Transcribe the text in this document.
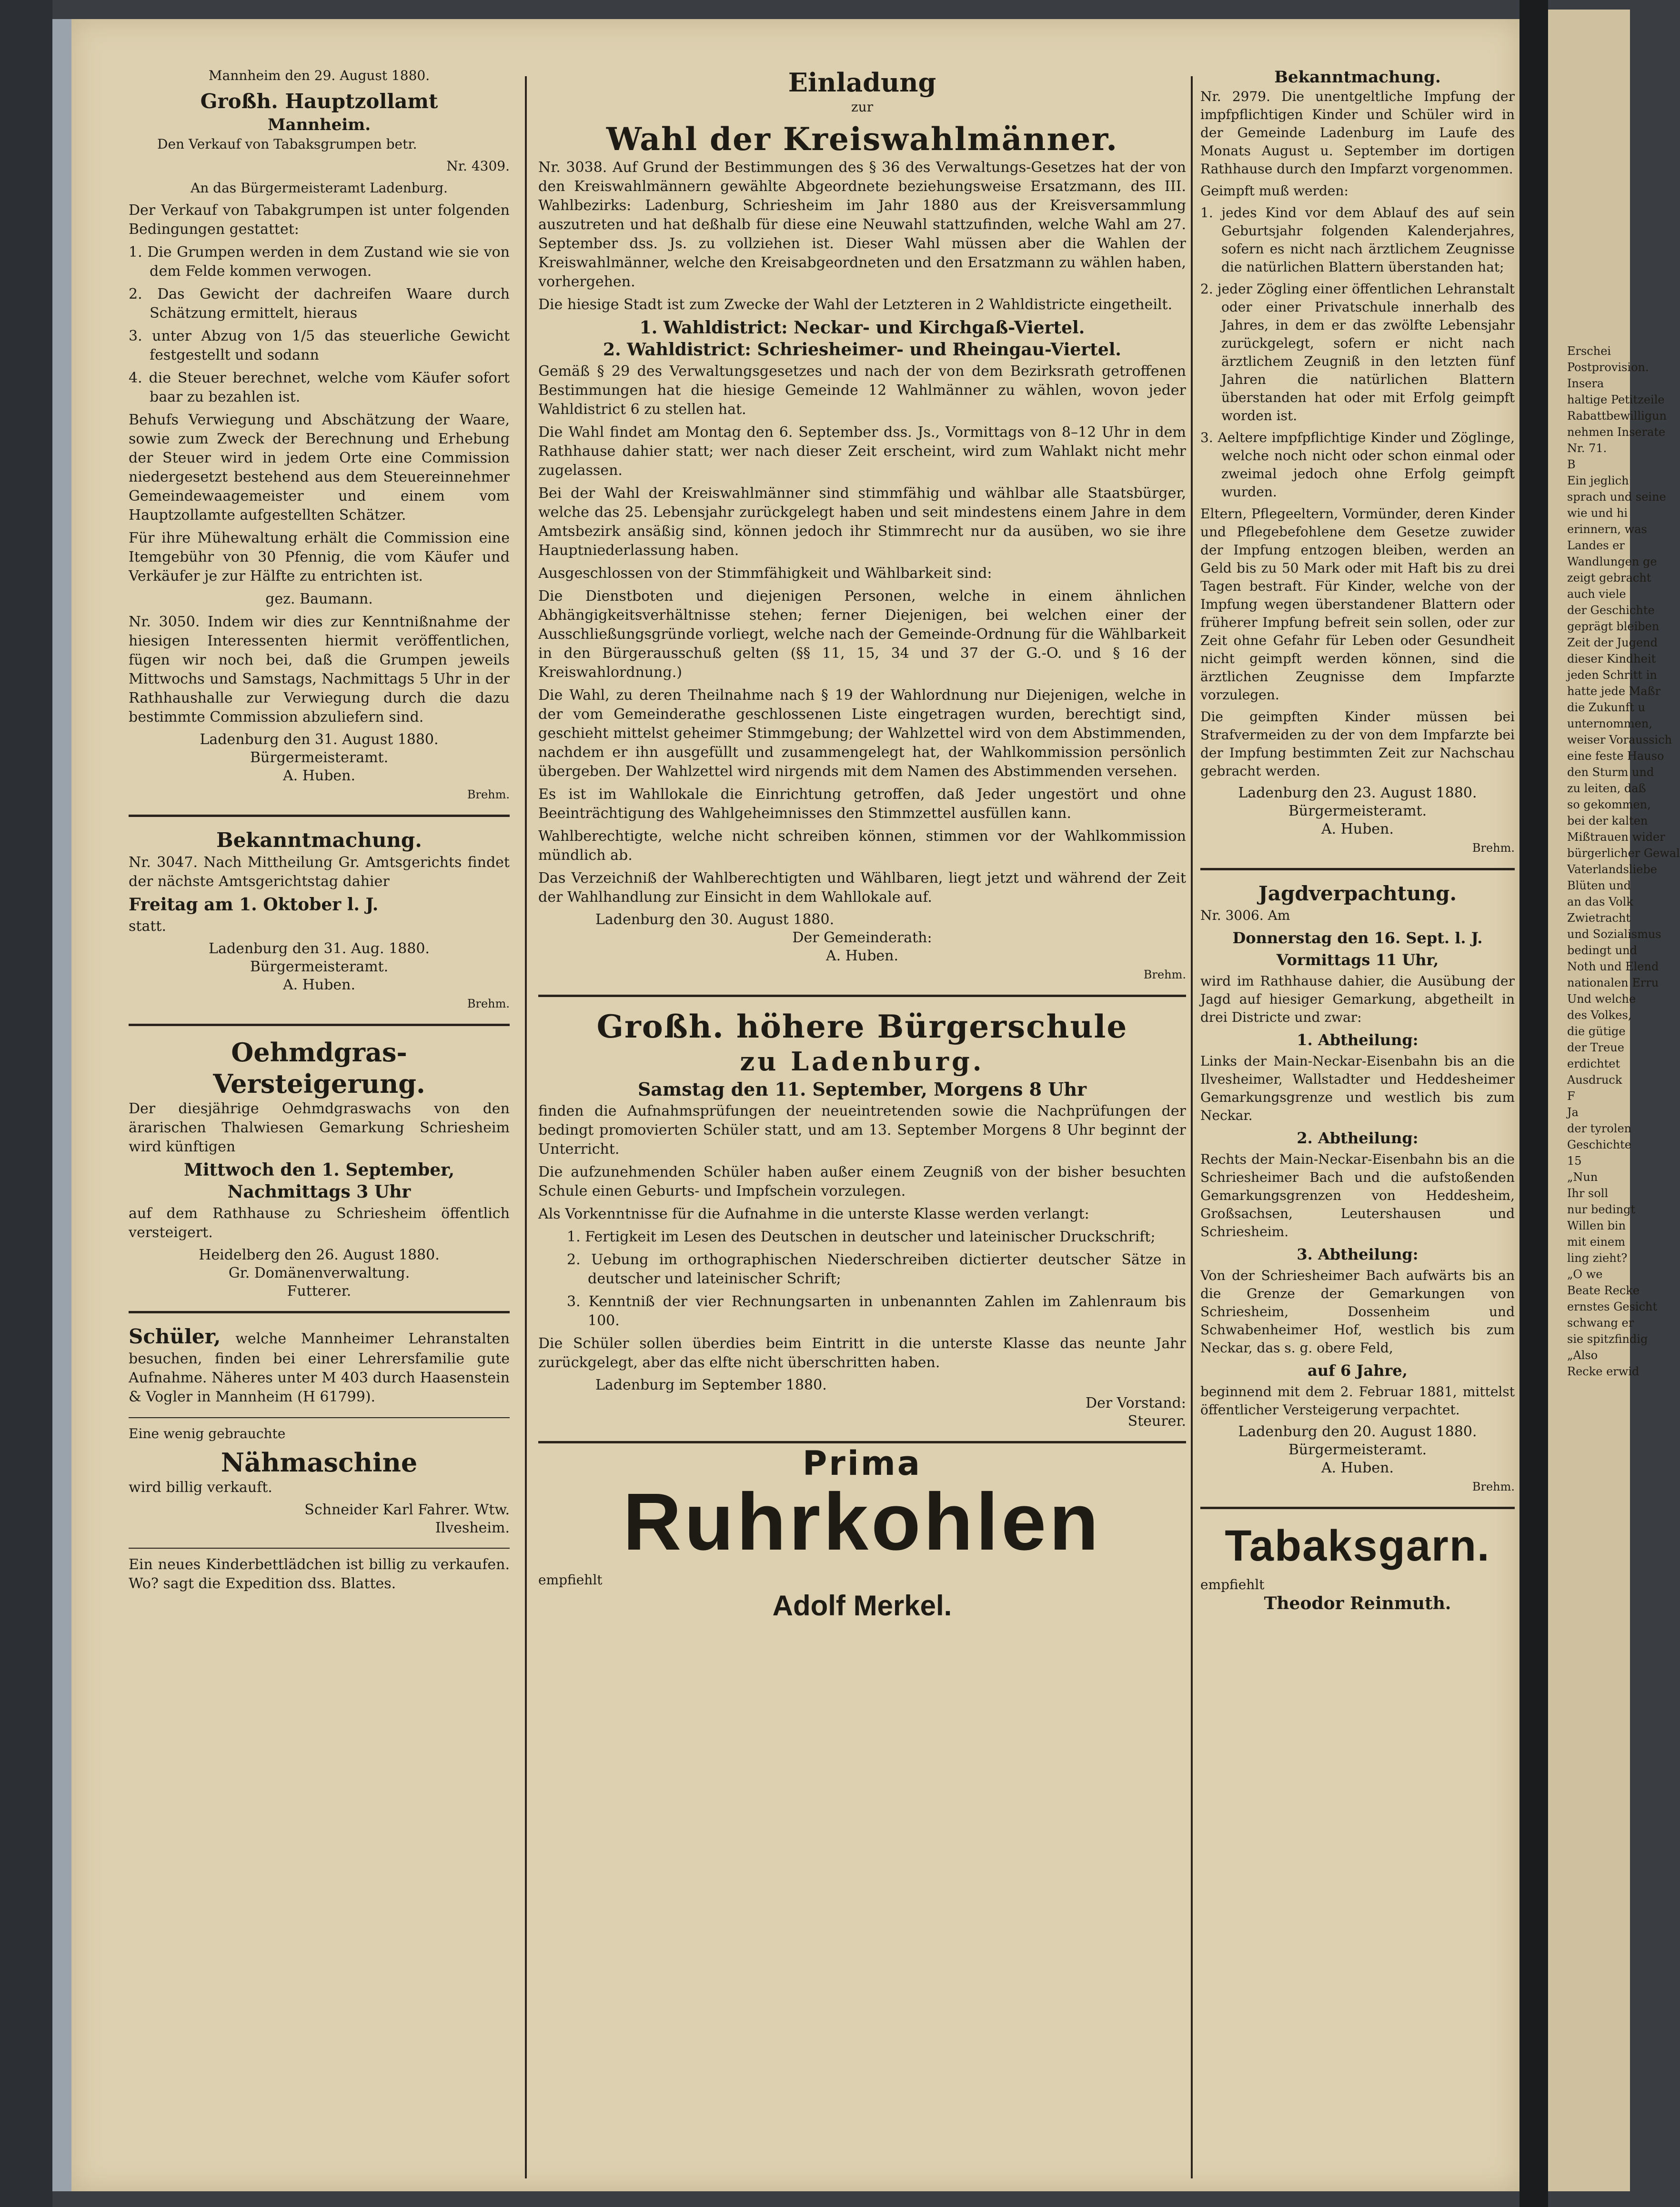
Erschei

Postprovision.

Insera

haltige Petitzeile

Rabattbewilligun

nehmen Inserate

Nr. 71.

B

Ein jeglich

sprach und seine

wie und hi

erinnern, was

Landes er

Wandlungen ge

zeigt gebracht

auch viele

der Geschichte

geprägt bleiben

Zeit der Jugend

dieser Kindheit

jeden Schritt in

hatte jede Maßr

die Zukunft u

unternommen,

weiser Voraussich

eine feste Hauso

den Sturm und

zu leiten, daß

so gekommen,

bei der kalten

Mißtrauen wider

bürgerlicher Gewal

Vaterlandsliebe

Blüten und

an das Volk

Zwietracht

und Sozialismus

bedingt und

Noth und Elend

nationalen Erru

Und welche

des Volkes,

die gütige

der Treue

erdichtet

Ausdruck

F

Ja

der tyrolen

Geschichte

15

„Nun

Ihr soll

nur bedingt

Willen bin

mit einem

ling zieht?

„O we

Beate Recke

ernstes Gesicht

schwang er

sie spitzfindig

„Also

Recke erwid

Mannheim den 29. August 1880.

Großh. Hauptzollamt
Mannheim.

Den Verkauf von Tabaksgrumpen betr.

Nr. 4309.

An das Bürgermeisteramt Ladenburg.

Der Verkauf von Tabakgrumpen ist unter folgenden Bedingungen gestattet:

1. Die Grumpen werden in dem Zustand wie sie von dem Felde kommen verwogen.

2. Das Gewicht der dachreifen Waare durch Schätzung ermittelt, hieraus

3. unter Abzug von 1/5 das steuerliche Gewicht festgestellt und sodann

4. die Steuer berechnet, welche vom Käufer sofort baar zu bezahlen ist.

Behufs Verwiegung und Abschätzung der Waare, sowie zum Zweck der Berechnung und Erhebung der Steuer wird in jedem Orte eine Commission niedergesetzt bestehend aus dem Steuereinnehmer Gemeindewaagemeister und einem vom Hauptzollamte aufgestellten Schätzer.

Für ihre Mühewaltung erhält die Commission eine Itemgebühr von 30 Pfennig, die vom Käufer und Verkäufer je zur Hälfte zu entrichten ist.

gez. Baumann.

Nr. 3050. Indem wir dies zur Kenntnißnahme der hiesigen Interessenten hiermit veröffentlichen, fügen wir noch bei, daß die Grumpen jeweils Mittwochs und Samstags, Nachmittags 5 Uhr in der Rathhaushalle zur Verwiegung durch die dazu bestimmte Commission abzuliefern sind.

Ladenburg den 31. August 1880.

Bürgermeisteramt.

A. Huben.

Brehm.

Bekanntmachung.

Nr. 3047. Nach Mittheilung Gr. Amtsgerichts findet der nächste Amtsgerichtstag dahier

Freitag am 1. Oktober l. J.

statt.

Ladenburg den 31. Aug. 1880.

Bürgermeisteramt.

A. Huben.

Brehm.

Oehmdgras-
Versteigerung.

Der diesjährige Oehmdgraswachs von den ärarischen Thalwiesen Gemarkung Schriesheim wird künftigen

Mittwoch den 1. September,

Nachmittags 3 Uhr

auf dem Rathhause zu Schriesheim öffentlich versteigert.

Heidelberg den 26. August 1880.

Gr. Domänenverwaltung.

Futterer.

Schüler, welche Mannheimer Lehranstalten besuchen, finden bei einer Lehrersfamilie gute Aufnahme. Näheres unter M 403 durch Haasenstein & Vogler in Mannheim (H 61799).

Eine wenig gebrauchte

Nähmaschine

wird billig verkauft.

Schneider Karl Fahrer. Wtw.

Ilvesheim.

Ein neues Kinderbettlädchen ist billig zu verkaufen. Wo? sagt die Expedition dss. Blattes.

Einladung

zur

Wahl der Kreiswahlmänner.

Nr. 3038. Auf Grund der Bestimmungen des § 36 des Verwaltungs-Gesetzes hat der von den Kreiswahlmännern gewählte Abgeordnete beziehungsweise Ersatzmann, des III. Wahlbezirks: Ladenburg, Schriesheim im Jahr 1880 aus der Kreisversammlung auszutreten und hat deßhalb für diese eine Neuwahl stattzufinden, welche Wahl am 27. September dss. Js. zu vollziehen ist. Dieser Wahl müssen aber die Wahlen der Kreiswahlmänner, welche den Kreisabgeordneten und den Ersatzmann zu wählen haben, vorhergehen.

Die hiesige Stadt ist zum Zwecke der Wahl der Letzteren in 2 Wahldistricte eingetheilt.

1. Wahldistrict: Neckar- und Kirchgaß-Viertel.

2. Wahldistrict: Schriesheimer- und Rheingau-Viertel.

Gemäß § 29 des Verwaltungsgesetzes und nach der von dem Bezirksrath getroffenen Bestimmungen hat die hiesige Gemeinde 12 Wahlmänner zu wählen, wovon jeder Wahldistrict 6 zu stellen hat.

Die Wahl findet am Montag den 6. September dss. Js., Vormittags von 8–12 Uhr in dem Rathhause dahier statt; wer nach dieser Zeit erscheint, wird zum Wahlakt nicht mehr zugelassen.

Bei der Wahl der Kreiswahlmänner sind stimmfähig und wählbar alle Staatsbürger, welche das 25. Lebensjahr zurückgelegt haben und seit mindestens einem Jahre in dem Amtsbezirk ansäßig sind, können jedoch ihr Stimmrecht nur da ausüben, wo sie ihre Hauptniederlassung haben.

Ausgeschlossen von der Stimmfähigkeit und Wählbarkeit sind:

Die Dienstboten und diejenigen Personen, welche in einem ähnlichen Abhängigkeitsverhältnisse stehen; ferner Diejenigen, bei welchen einer der Ausschließungsgründe vorliegt, welche nach der Gemeinde-Ordnung für die Wählbarkeit in den Bürgerausschuß gelten (§§ 11, 15, 34 und 37 der G.-O. und § 16 der Kreiswahlordnung.)

Die Wahl, zu deren Theilnahme nach § 19 der Wahlordnung nur Diejenigen, welche in der vom Gemeinderathe geschlossenen Liste eingetragen wurden, berechtigt sind, geschieht mittelst geheimer Stimmgebung; der Wahlzettel wird von dem Abstimmenden, nachdem er ihn ausgefüllt und zusammengelegt hat, der Wahlkommission persönlich übergeben. Der Wahlzettel wird nirgends mit dem Namen des Abstimmenden versehen.

Es ist im Wahllokale die Einrichtung getroffen, daß Jeder ungestört und ohne Beeinträchtigung des Wahlgeheimnisses den Stimmzettel ausfüllen kann.

Wahlberechtigte, welche nicht schreiben können, stimmen vor der Wahlkommission mündlich ab.

Das Verzeichniß der Wahlberechtigten und Wählbaren, liegt jetzt und während der Zeit der Wahlhandlung zur Einsicht in dem Wahllokale auf.

Ladenburg den 30. August 1880.

Der Gemeinderath:

A. Huben.

Brehm.

Großh. höhere Bürgerschule
zu Ladenburg.

Samstag den 11. September, Morgens 8 Uhr

finden die Aufnahmsprüfungen der neueintretenden sowie die Nachprüfungen der bedingt promovierten Schüler statt, und am 13. September Morgens 8 Uhr beginnt der Unterricht.

Die aufzunehmenden Schüler haben außer einem Zeugniß von der bisher besuchten Schule einen Geburts- und Impfschein vorzulegen.

Als Vorkenntnisse für die Aufnahme in die unterste Klasse werden verlangt:

1. Fertigkeit im Lesen des Deutschen in deutscher und lateinischer Druckschrift;

2. Uebung im orthographischen Niederschreiben dictierter deutscher Sätze in deutscher und lateinischer Schrift;

3. Kenntniß der vier Rechnungsarten in unbenannten Zahlen im Zahlenraum bis 100.

Die Schüler sollen überdies beim Eintritt in die unterste Klasse das neunte Jahr zurückgelegt, aber das elfte nicht überschritten haben.

Ladenburg im September 1880.

Der Vorstand:

Steurer.

Prima

Ruhrkohlen

empfiehlt

Adolf Merkel.

Bekanntmachung.

Nr. 2979. Die unentgeltliche Impfung der impfpflichtigen Kinder und Schüler wird in der Gemeinde Ladenburg im Laufe des Monats August u. September im dortigen Rathhause durch den Impfarzt vorgenommen.

Geimpft muß werden:

1. jedes Kind vor dem Ablauf des auf sein Geburtsjahr folgenden Kalenderjahres, sofern es nicht nach ärztlichem Zeugnisse die natürlichen Blattern überstanden hat;

2. jeder Zögling einer öffentlichen Lehranstalt oder einer Privatschule innerhalb des Jahres, in dem er das zwölfte Lebensjahr zurückgelegt, sofern er nicht nach ärztlichem Zeugniß in den letzten fünf Jahren die natürlichen Blattern überstanden hat oder mit Erfolg geimpft worden ist.

3. Aeltere impfpflichtige Kinder und Zöglinge, welche noch nicht oder schon einmal oder zweimal jedoch ohne Erfolg geimpft wurden.

Eltern, Pflegeeltern, Vormünder, deren Kinder und Pflegebefohlene dem Gesetze zuwider der Impfung entzogen bleiben, werden an Geld bis zu 50 Mark oder mit Haft bis zu drei Tagen bestraft. Für Kinder, welche von der Impfung wegen überstandener Blattern oder früherer Impfung befreit sein sollen, oder zur Zeit ohne Gefahr für Leben oder Gesundheit nicht geimpft werden können, sind die ärztlichen Zeugnisse dem Impfarzte vorzulegen.

Die geimpften Kinder müssen bei Strafvermeiden zu der von dem Impfarzte bei der Impfung bestimmten Zeit zur Nachschau gebracht werden.

Ladenburg den 23. August 1880.

Bürgermeisteramt.

A. Huben.

Brehm.

Jagdverpachtung.

Nr. 3006. Am

Donnerstag den 16. Sept. l. J.

Vormittags 11 Uhr,

wird im Rathhause dahier, die Ausübung der Jagd auf hiesiger Gemarkung, abgetheilt in drei Districte und zwar:

1. Abtheilung:

Links der Main-Neckar-Eisenbahn bis an die Ilvesheimer, Wallstadter und Heddesheimer Gemarkungsgrenze und westlich bis zum Neckar.

2. Abtheilung:

Rechts der Main-Neckar-Eisenbahn bis an die Schriesheimer Bach und die aufstoßenden Gemarkungsgrenzen von Heddesheim, Großsachsen, Leutershausen und Schriesheim.

3. Abtheilung:

Von der Schriesheimer Bach aufwärts bis an die Grenze der Gemarkungen von Schriesheim, Dossenheim und Schwabenheimer Hof, westlich bis zum Neckar, das s. g. obere Feld,

auf 6 Jahre,

beginnend mit dem 2. Februar 1881, mittelst öffentlicher Versteigerung verpachtet.

Ladenburg den 20. August 1880.

Bürgermeisteramt.

A. Huben.

Brehm.

Tabaksgarn.

empfiehlt

Theodor Reinmuth.
